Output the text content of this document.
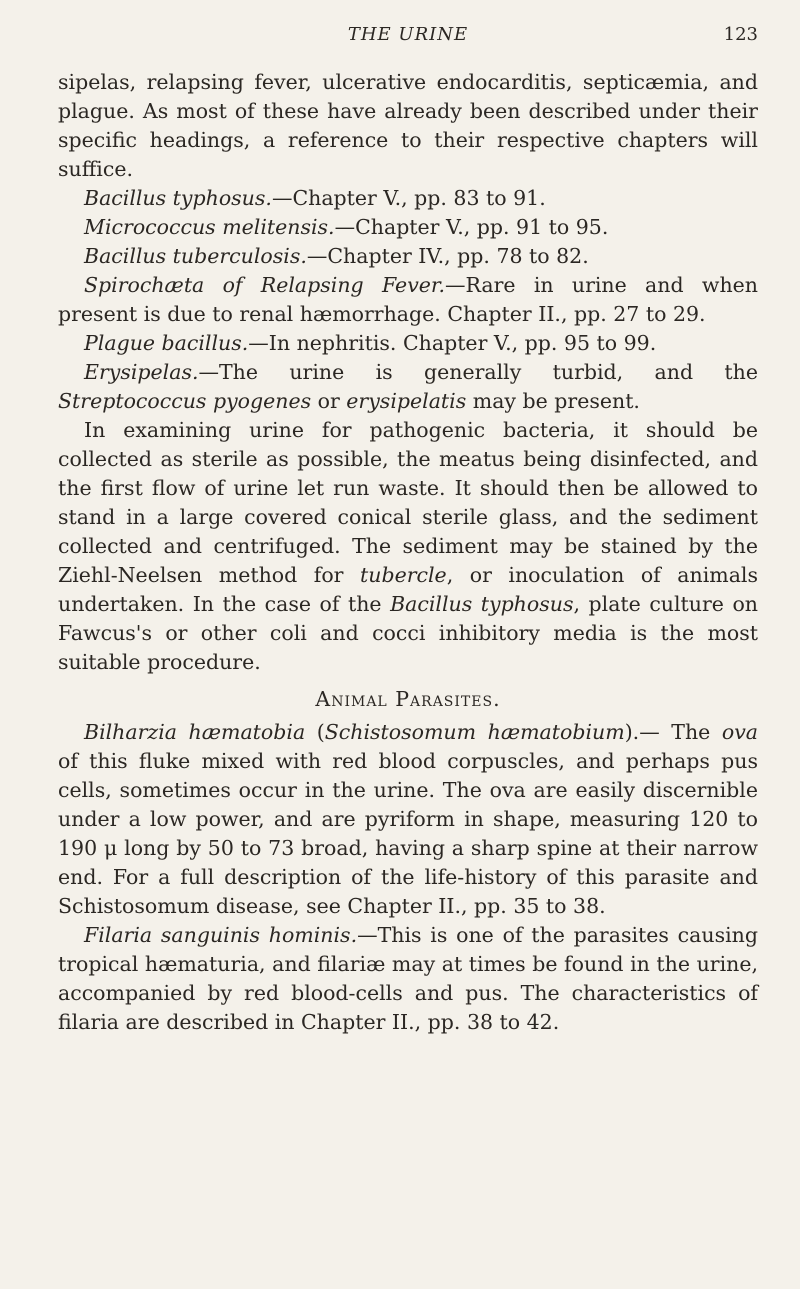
THE URINE	123

sipelas, relapsing fever, ulcerative endocarditis, septicæmia, and plague. As most of these have already been described under their specific headings, a reference to their respective chapters will suffice.

Bacillus typhosus.—Chapter V., pp. 83 to 91.

Micrococcus melitensis.—Chapter V., pp. 91 to 95.

Bacillus tuberculosis.—Chapter IV., pp. 78 to 82.

Spirochæta of Relapsing Fever.—Rare in urine and when present is due to renal hæmorrhage. Chapter II., pp. 27 to 29.

Plague bacillus.—In nephritis. Chapter V., pp. 95 to 99.

Erysipelas.—The urine is generally turbid, and the Streptococcus pyogenes or erysipelatis may be present.

In examining urine for pathogenic bacteria, it should be collected as sterile as possible, the meatus being disinfected, and the first flow of urine let run waste. It should then be allowed to stand in a large covered conical sterile glass, and the sediment collected and centrifuged. The sediment may be stained by the Ziehl-Neelsen method for tubercle, or inoculation of animals undertaken. In the case of the Bacillus typhosus, plate culture on Fawcus's or other coli and cocci inhibitory media is the most suitable procedure.

Animal Parasites.

Bilharzia hæmatobia (Schistosomum hæmatobium).— The ova of this fluke mixed with red blood corpuscles, and perhaps pus cells, sometimes occur in the urine. The ova are easily discernible under a low power, and are pyriform in shape, measuring 120 to 190 μ long by 50 to 73 broad, having a sharp spine at their narrow end. For a full description of the life-history of this parasite and Schistosomum disease, see Chapter II., pp. 35 to 38.

Filaria sanguinis hominis.—This is one of the parasites causing tropical hæmaturia, and filariæ may at times be found in the urine, accompanied by red blood-cells and pus. The characteristics of filaria are described in Chapter II., pp. 38 to 42.
